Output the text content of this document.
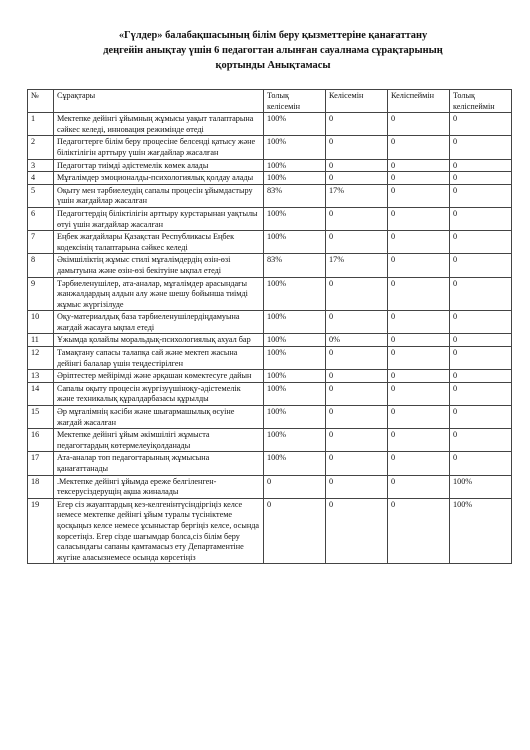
«Гүлдер» балабақшасының білім беру қызметтеріне қанағаттану
деңгейін анықтау үшін 6 педагогтан алынған сауалнама сұрақтарының
қортынды Анықтамасы
№	Сұрақтары	Толық келісемін	Келісемін	Келіспеймін	Толық келіспеймін
1	Мектепке дейінгі ұйымның жұмысы уақыт талаптарына сәйкес келеді, инновация режимінде өтеді	100%	0	0	0
2	Педагогтерге білім беру процесіне белсенді қатысу және біліктілігін арттыру үшін жағдайлар жасалған	100%	0	0	0
3	Педагогтар тиімді әдістемелік көмек алады	100%	0	0	0
4	Мұғалімдер эмоционалды-психологиялық қолдау алады	100%	0	0	0
5	Оқыту мен тәрбиелеудің сапалы процесін ұйымдастыру үшін жағдайлар жасалған	83%	17%	0	0
6	Педагогтердің біліктілігін арттыру курстарынан уақтылы өтуі үшін жағдайлар жасалған	100%	0	0	0
7	Еңбек жағдайлары Қазақстан Республикасы Еңбек кодексінің талаптарына сәйкес келеді	100%	0	0	0
8	Әкімшіліктің жұмыс стилі мұғалімдердің өзін-өзі дамытуына және өзін-өзі бекітуіне ықпал етеді	83%	17%	0	0
9	Тәрбиеленушілер, ата-аналар, мұғалімдер арасындағы жанжалдардың алдын алу және шешу бойынша тиімді жұмыс жүргізілуде	100%	0	0	0
10	Оқу-материалдық база тәрбиеленушілердіңдамуына жағдай жасауға ықпал етеді	100%	0	0	0
11	Ұжымда қолайлы моральдық-психологиялық ахуал бар	100%	0%	0	0
12	Тамақтану сапасы талапқа сай және мектеп жасына дейінгі балалар үшін теңдестірілген	100%	0	0	0
13	Әріптестер мейірімді және әрқашан көмектесуге дайын	100%	0	0	0
14	Сапалы оқыту процесін жүргізуүшіноқу-әдістемелік және техникалық құралдарбазасы құрылды	100%	0	0	0
15	Әр мұғалімнің кәсіби және шығармашылық өсуіне жағдай жасалған	100%	0	0	0
16	Мектепке дейінгі ұйым әкімшілігі жұмыста педагогтардың көтермелеуіқолданады	100%	0	0	0
17	Ата-аналар топ педагогтарының жұмысына қанағаттанады	100%	0	0	0
18	.Мектепке дейінгі ұйымда ереже белгіленген-тексерусіздерущің ақша жиналады	0	0	0	100%
19	Егер сіз жауаптардың кез-келгенінтүсіндіргіңіз келсе немесе мектепке дейінгі ұйым туралы түсініктеме қосқыңыз келсе немесе ұсыныстар бергіңіз келсе, осында көрсетіңіз. Егер сізде шағымдар болса,сіз білім беру саласындағы сапаны қамтамасыз ету Департаментіне жүгіне аласызнемесе осында көрсетіңіз	0	0	0	100%
